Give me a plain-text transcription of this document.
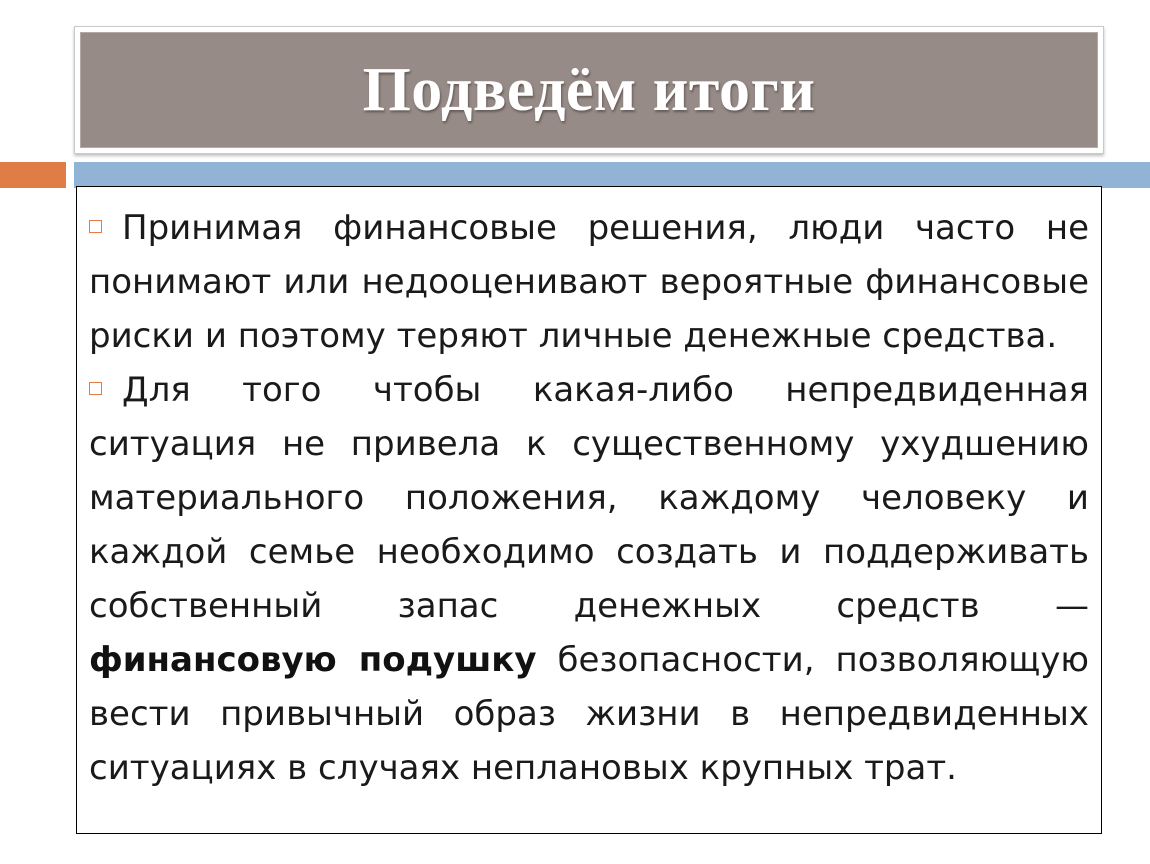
Подведём итоги

Принимая финансовые решения, люди часто не понимают или недооценивают вероятные финансовые риски и поэтому теряют личные денежные средства.

Для того чтобы какая-либо непредвиденная ситуация не привела к существенному ухудшению материального положения, каждому человеку и каждой семье необходимо создать и поддерживать собственный запас денежных средств — финансовую подушку безопасности, позволяющую вести привычный образ жизни в непредвиденных ситуациях в случаях неплановых крупных трат.
